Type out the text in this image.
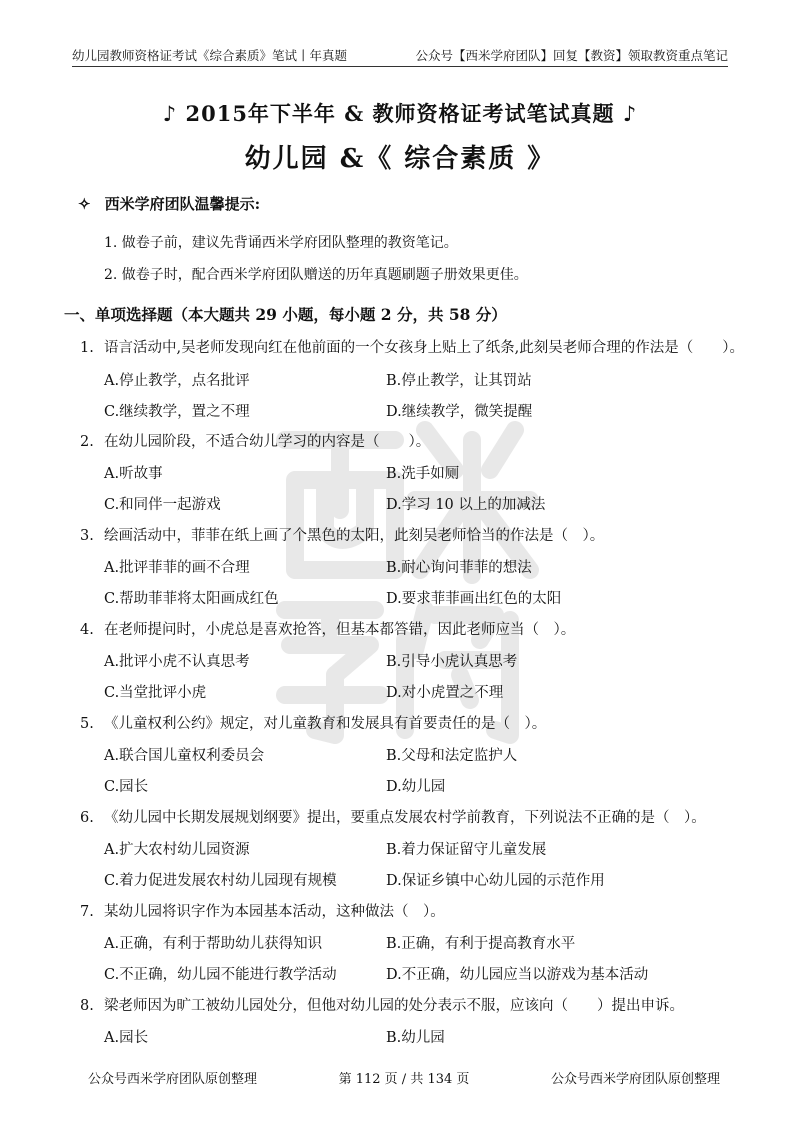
幼儿园教师资格证考试《综合素质》笔试丨年真题	公众号【西米学府团队】回复【教资】领取教资重点笔记
♪ 2015年下半年 & 教师资格证考试笔试真题 ♪
幼儿园 &《 综合素质 》
✧ 西米学府团队温馨提示:
1. 做卷子前，建议先背诵西米学府团队整理的教资笔记。
2. 做卷子时，配合西米学府团队赠送的历年真题刷题子册效果更佳。
一、单项选择题（本大题共 29 小题，每小题 2 分，共 58 分）
1. 语言活动中,吴老师发现向红在他前面的一个女孩身上贴上了纸条,此刻吴老师合理的作法是（　　）。
A.停止教学，点名批评	B.停止教学，让其罚站
C.继续教学，置之不理	D.继续教学，微笑提醒
2. 在幼儿园阶段，不适合幼儿学习的内容是（　　）。
A.听故事	B.洗手如厕
C.和同伴一起游戏	D.学习 10 以上的加减法
3. 绘画活动中，菲菲在纸上画了个黑色的太阳，此刻吴老师恰当的作法是（　）。
A.批评菲菲的画不合理	B.耐心询问菲菲的想法
C.帮助菲菲将太阳画成红色	D.要求菲菲画出红色的太阳
4. 在老师提问时，小虎总是喜欢抢答，但基本都答错，因此老师应当（　）。
A.批评小虎不认真思考	B.引导小虎认真思考
C.当堂批评小虎	D.对小虎置之不理
5. 《儿童权利公约》规定，对儿童教育和发展具有首要责任的是（　）。
A.联合国儿童权利委员会	B.父母和法定监护人
C.园长	D.幼儿园
6. 《幼儿园中长期发展规划纲要》提出，要重点发展农村学前教育，下列说法不正确的是（　）。
A.扩大农村幼儿园资源	B.着力保证留守儿童发展
C.着力促进发展农村幼儿园现有规模	D.保证乡镇中心幼儿园的示范作用
7. 某幼儿园将识字作为本园基本活动，这种做法（　）。
A.正确，有利于帮助幼儿获得知识	B.正确，有利于提高教育水平
C.不正确，幼儿园不能进行教学活动	D.不正确，幼儿园应当以游戏为基本活动
8. 梁老师因为旷工被幼儿园处分，但他对幼儿园的处分表示不服，应该向（　　）提出申诉。
A.园长	B.幼儿园
公众号西米学府团队原创整理	第 112 页 / 共 134 页	公众号西米学府团队原创整理
